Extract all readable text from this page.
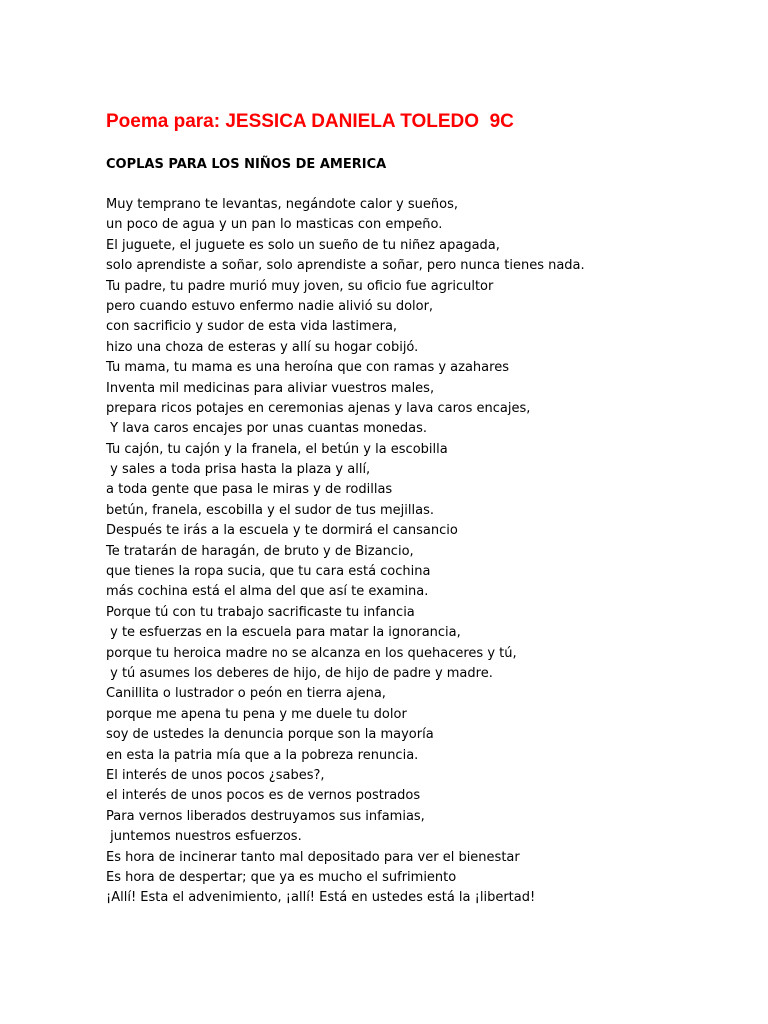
Poema para: JESSICA DANIELA TOLEDO  9C
COPLAS PARA LOS NIÑOS DE AMERICA
Muy temprano te levantas, negándote calor y sueños,
un poco de agua y un pan lo masticas con empeño.
El juguete, el juguete es solo un sueño de tu niñez apagada,
solo aprendiste a soñar, solo aprendiste a soñar, pero nunca tienes nada.
Tu padre, tu padre murió muy joven, su oficio fue agricultor
pero cuando estuvo enfermo nadie alivió su dolor,
con sacrificio y sudor de esta vida lastimera,
hizo una choza de esteras y allí su hogar cobijó.
Tu mama, tu mama es una heroína que con ramas y azahares
Inventa mil medicinas para aliviar vuestros males,
prepara ricos potajes en ceremonias ajenas y lava caros encajes,
Y lava caros encajes por unas cuantas monedas.
Tu cajón, tu cajón y la franela, el betún y la escobilla
y sales a toda prisa hasta la plaza y allí,
a toda gente que pasa le miras y de rodillas
betún, franela, escobilla y el sudor de tus mejillas.
Después te irás a la escuela y te dormirá el cansancio
Te tratarán de haragán, de bruto y de Bizancio,
que tienes la ropa sucia, que tu cara está cochina
más cochina está el alma del que así te examina.
Porque tú con tu trabajo sacrificaste tu infancia
y te esfuerzas en la escuela para matar la ignorancia,
porque tu heroica madre no se alcanza en los quehaceres y tú,
y tú asumes los deberes de hijo, de hijo de padre y madre.
Canillita o lustrador o peón en tierra ajena,
porque me apena tu pena y me duele tu dolor
soy de ustedes la denuncia porque son la mayoría
en esta la patria mía que a la pobreza renuncia.
El interés de unos pocos ¿sabes?,
el interés de unos pocos es de vernos postrados
Para vernos liberados destruyamos sus infamias,
juntemos nuestros esfuerzos.
Es hora de incinerar tanto mal depositado para ver el bienestar
Es hora de despertar; que ya es mucho el sufrimiento
¡Allí! Esta el advenimiento, ¡allí! Está en ustedes está la ¡libertad!
